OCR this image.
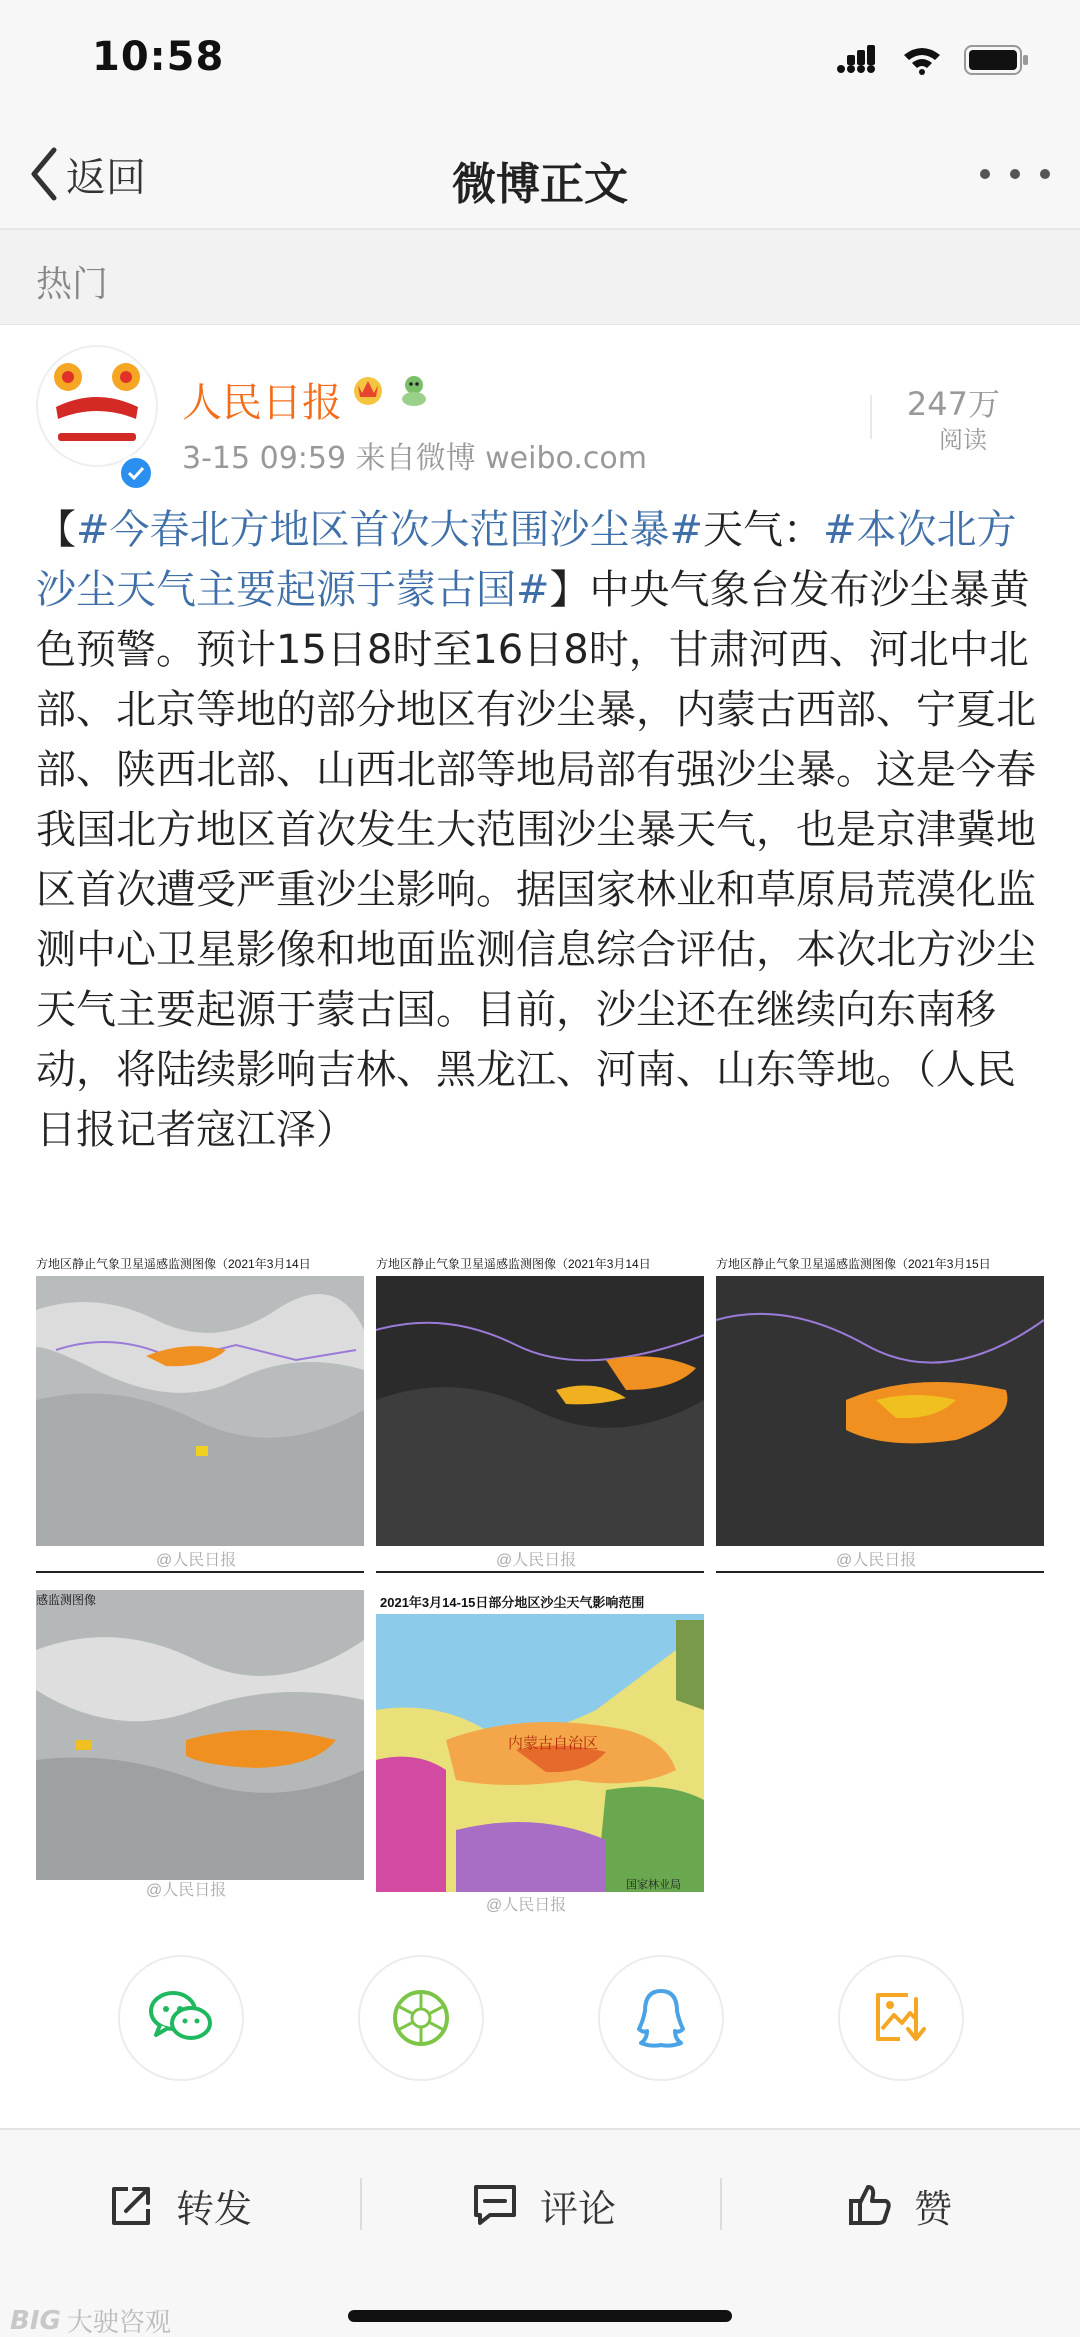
10:58
返回	微博正文
热门
人民日报
3-15 09:59 来自微博 weibo.com
247万
阅读
【#今春北方地区首次大范围沙尘暴#天气：#本次北方沙尘天气主要起源于蒙古国#】中央气象台发布沙尘暴黄色预警。预计15日8时至16日8时，甘肃河西、河北中北部、北京等地的部分地区有沙尘暴，内蒙古西部、宁夏北部、陕西北部、山西北部等地局部有强沙尘暴。这是今春我国北方地区首次发生大范围沙尘暴天气，也是京津冀地区首次遭受严重沙尘影响。据国家林业和草原局荒漠化监测中心卫星影像和地面监测信息综合评估，本次北方沙尘天气主要起源于蒙古国。目前，沙尘还在继续向东南移动，将陆续影响吉林、黑龙江、河南、山东等地。（人民日报记者寇江泽）
方地区静止气象卫星遥感监测图像（2021年3月14日
@人民日报
方地区静止气象卫星遥感监测图像（2021年3月14日
@人民日报
方地区静止气象卫星遥感监测图像（2021年3月15日
@人民日报
感监测图像
@人民日报
2021年3月14-15日部分地区沙尘天气影响范围
内蒙古自治区
国家林业局
@人民日报
转发	评论	赞
BIG 大驶咨观
